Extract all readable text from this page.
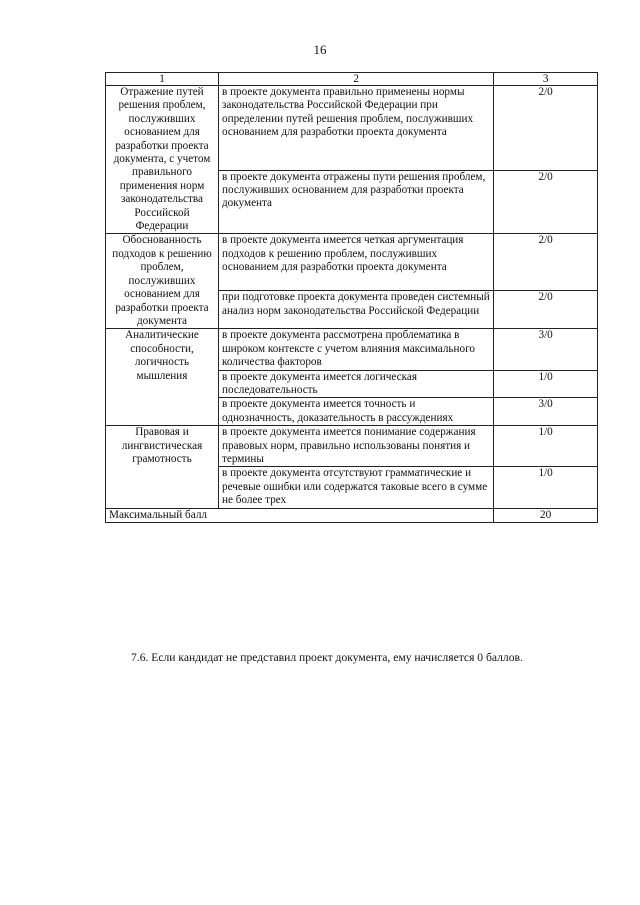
16
1	2	3
Отражение путей решения проблем, послуживших основанием для разработки проекта документа, с учетом правильного применения норм законодательства Российской Федерации	в проекте документа правильно применены нормы законодательства Российской Федерации при определении путей решения проблем, послуживших основанием для разработки проекта документа	2/0
	в проекте документа отражены пути решения проблем, послуживших основанием для разработки проекта документа	2/0
Обоснованность подходов к решению проблем, послуживших основанием для разработки проекта документа	в проекте документа имеется четкая аргументация подходов к решению проблем, послуживших основанием для разработки проекта документа	2/0
	при подготовке проекта документа проведен системный анализ норм законодательства Российской Федерации	2/0
Аналитические способности, логичность мышления	в проекте документа рассмотрена проблематика в широком контексте с учетом влияния максимального количества факторов	3/0
	в проекте документа имеется логическая последовательность	1/0
	в проекте документа имеется точность и однозначность, доказательность в рассуждениях	3/0
Правовая и лингвистическая грамотность	в проекте документа имеется понимание содержания правовых норм, правильно использованы понятия и термины	1/0
	в проекте документа отсутствуют грамматические и речевые ошибки или содержатся таковые всего в сумме не более трех	1/0
Максимальный балл		20
7.6. Если кандидат не представил проект документа, ему начисляется 0 баллов.
